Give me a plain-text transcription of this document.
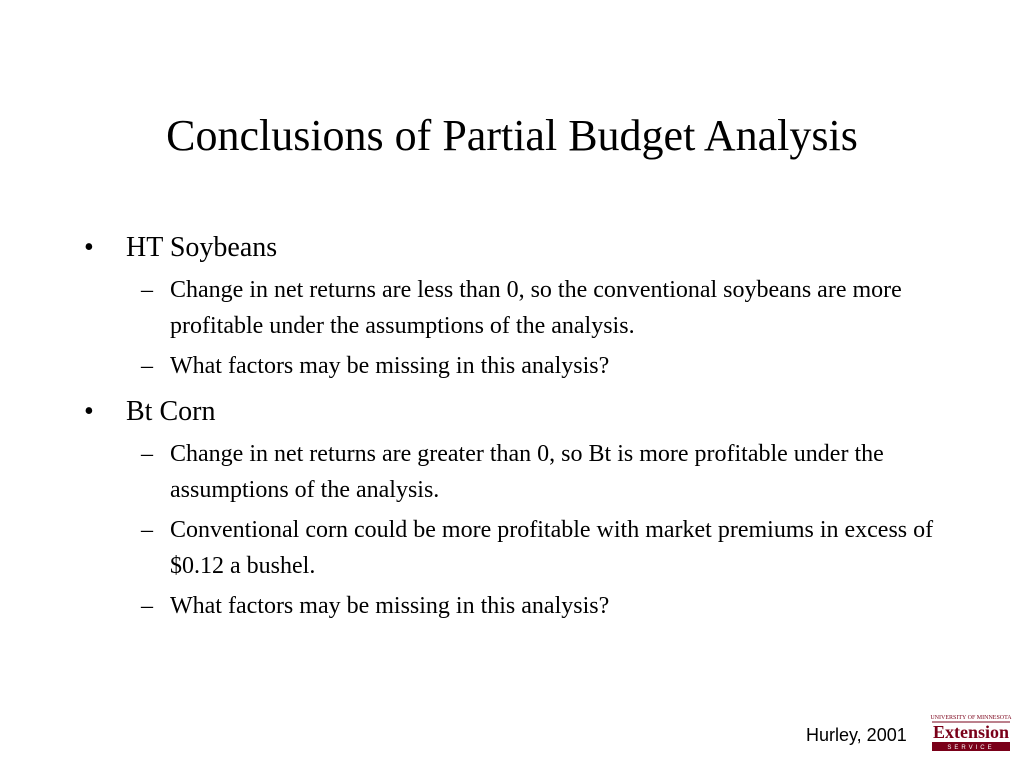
Conclusions of Partial Budget Analysis
• HT Soybeans
– Change in net returns are less than 0, so the conventional soybeans are more profitable under the assumptions of the analysis.
– What factors may be missing in this analysis?
• Bt Corn
– Change in net returns are greater than 0, so Bt is more profitable under the assumptions of the analysis.
– Conventional corn could be more profitable with market premiums in excess of $0.12 a bushel.
– What factors may be missing in this analysis?
Hurley, 2001
UNIVERSITY OF MINNESOTA
Extension
SERVICE
